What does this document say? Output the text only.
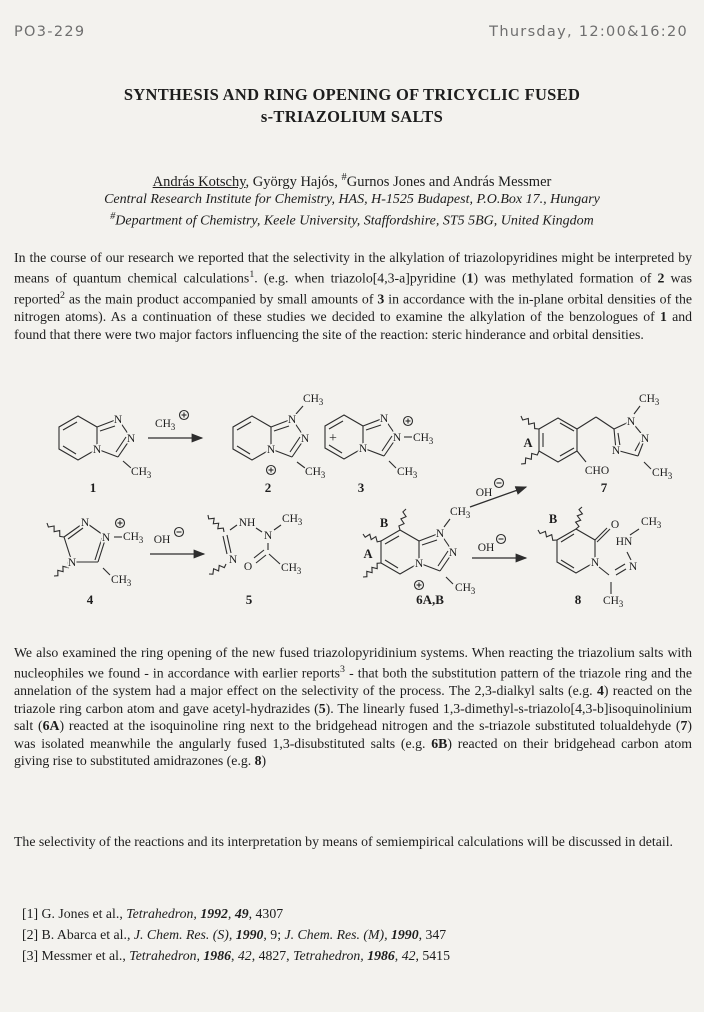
PO3-229	Thursday, 12:00&16:20
SYNTHESIS AND RING OPENING OF TRICYCLIC FUSED
s-TRIAZOLIUM SALTS
András Kotschy, György Hajós, #Gurnos Jones and András Messmer
Central Research Institute for Chemistry, HAS, H-1525 Budapest, P.O.Box 17., Hungary
#Department of Chemistry, Keele University, Staffordshire, ST5 5BG, United Kingdom

In the course of our research we reported that the selectivity in the alkylation of triazolopyridines might be interpreted by means of quantum chemical calculations$^1$. (e.g. when triazolo[4,3-a]pyridine (1) was methylated formation of 2 was reported$^2$ as the main product accompanied by small amounts of 3 in accordance with the in-plane orbital densities of the nitrogen atoms). As a continuation of these studies we decided to examine the alkylation of the benzologues of 1 and found that there were two major factors influencing the site of the reaction: steric hinderance and orbital densities.

N
N
N
CH 3
1
CH 3
N
N
N
CH 3
CH 3
2
+
N
N
N
CH 3
CH 3
3
A
N
N
N
CH 3
CH 3
CHO
7
OH
N
N
N
CH 3
CH 3
4
OH
NH
N
N
O
CH 3
CH 3
5
B
A
N
N
N
CH 3
CH 3
6A,B
OH
B	O
N	N
HN
CH 3
CH 3
8

We also examined the ring opening of the new fused triazolopyridinium systems. When reacting the triazolium salts with nucleophiles we found - in accordance with earlier reports$^3$ - that both the substitution pattern of the triazole ring and the annelation of the system had a major effect on the selectivity of the process. The 2,3-dialkyl salts (e.g. 4) reacted on the triazole ring carbon atom and gave acetyl-hydrazides (5). The linearly fused 1,3-dimethyl-s-triazolo[4,3-b]isoquinolinium salt (6A) reacted at the isoquinoline ring next to the bridgehead nitrogen and the s-triazole substituted tolualdehyde (7) was isolated meanwhile the angularly fused 1,3-disubstituted salts (e.g. 6B) reacted on their bridgehead carbon atom giving rise to substituted amidrazones (e.g. 8)

The selectivity of the reactions and its interpretation by means of semiempirical calculations will be discussed in detail.

[1] G. Jones et al., Tetrahedron, 1992, 49, 4307
[2] B. Abarca et al., J. Chem. Res. (S), 1990, 9; J. Chem. Res. (M), 1990, 347
[3] Messmer et al., Tetrahedron, 1986, 42, 4827, Tetrahedron, 1986, 42, 5415
